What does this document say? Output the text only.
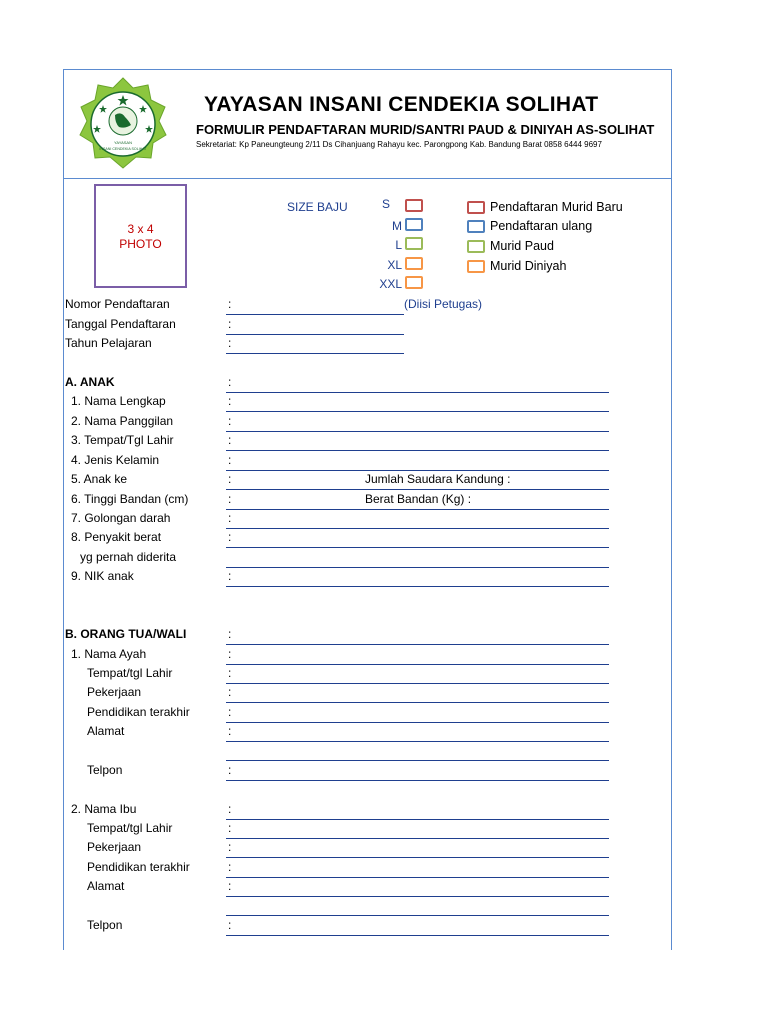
YAYASAN
INSANI CENDEKIA SOLIHAT
YAYASAN INSANI CENDEKIA SOLIHAT
FORMULIR PENDAFTARAN MURID/SANTRI PAUD & DINIYAH AS-SOLIHAT
Sekretariat: Kp Paneungteung 2/11 Ds Cihanjuang Rahayu kec. Parongpong Kab. Bandung Barat 0858 6444 9697
3 x 4
PHOTO
SIZE BAJU	S
M
L
XL
XXL
Pendaftaran Murid Baru
Pendaftaran ulang
Murid Paud
Murid Diniyah
Nomor Pendaftaran	:	(Diisi Petugas)
Tanggal Pendaftaran	:
Tahun Pelajaran	:
A. ANAK	:
1. Nama Lengkap	:
2. Nama Panggilan	:
3. Tempat/Tgl Lahir	:
4. Jenis Kelamin	:
5. Anak ke	:	Jumlah Saudara Kandung :
6. Tinggi Bandan (cm)	:	Berat Bandan (Kg) :
7. Golongan darah	:
8. Penyakit berat	:
yg pernah diderita
9. NIK anak	:
B. ORANG TUA/WALI	:
1. Nama Ayah	:
Tempat/tgl Lahir	:
Pekerjaan	:
Pendidikan terakhir	:
Alamat	:
Telpon	:
2. Nama Ibu	:
Tempat/tgl Lahir	:
Pekerjaan	:
Pendidikan terakhir	:
Alamat	:
Telpon	:
